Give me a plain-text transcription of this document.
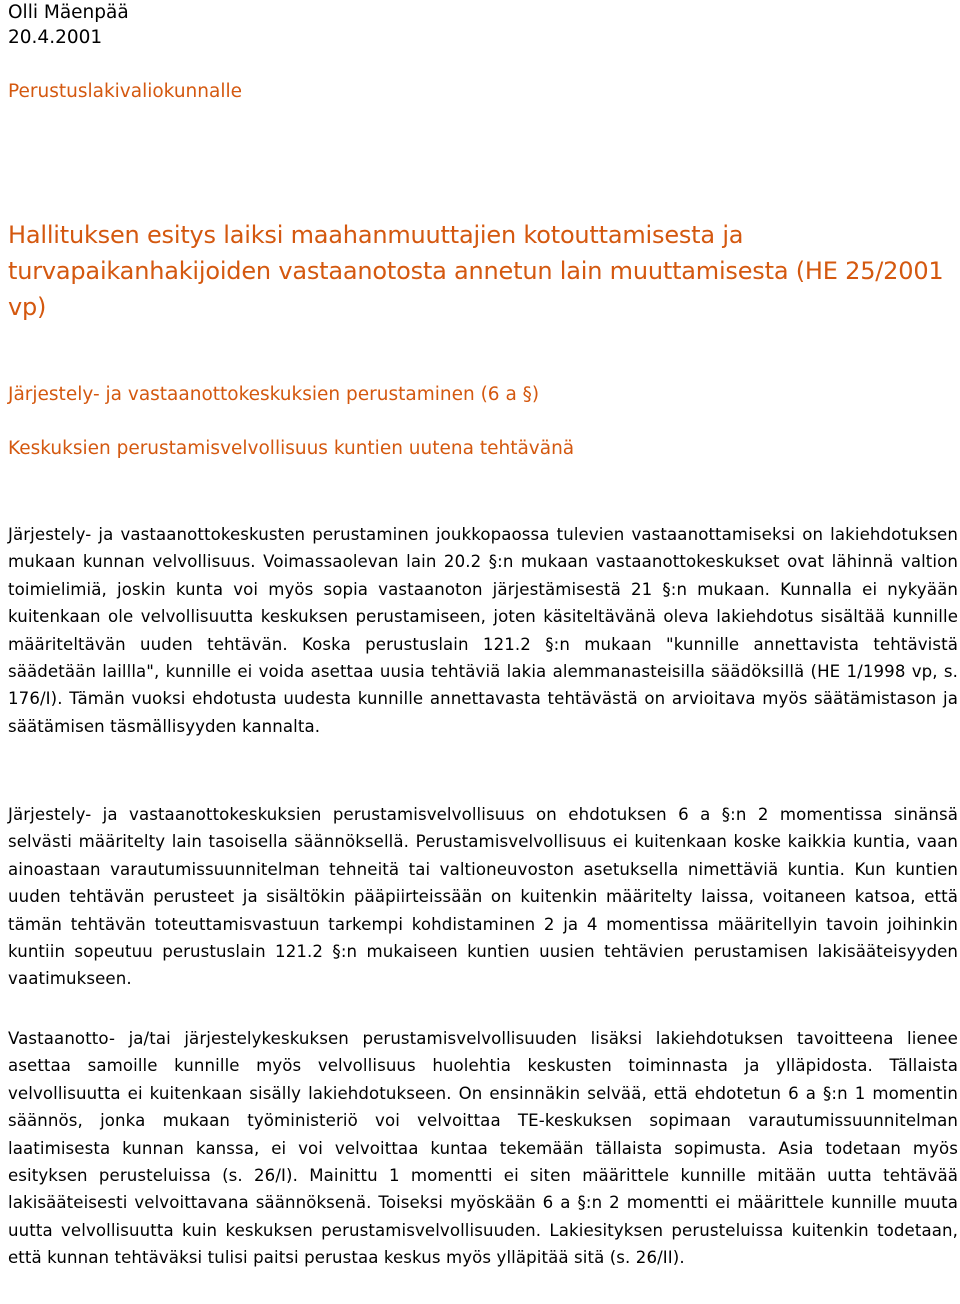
Olli Mäenpää
20.4.2001
Perustuslakivaliokunnalle
Hallituksen esitys laiksi maahanmuuttajien kotouttamisesta ja turvapaikanhakijoiden vastaanotosta annetun lain muuttamisesta (HE 25/2001 vp)
Järjestely- ja vastaanottokeskuksien perustaminen (6 a §)
Keskuksien perustamisvelvollisuus kuntien uutena tehtävänä

Järjestely- ja vastaanottokeskusten perustaminen joukkopaossa tulevien vastaanottamiseksi on lakiehdotuksen mukaan kunnan velvollisuus. Voimassaolevan lain 20.2 §:n mukaan vastaanottokeskukset ovat lähinnä valtion toimielimiä, joskin kunta voi myös sopia vastaanoton järjestämisestä 21 §:n mukaan. Kunnalla ei nykyään kuitenkaan ole velvollisuutta keskuksen perustamiseen, joten käsiteltävänä oleva lakiehdotus sisältää kunnille määriteltävän uuden tehtävän. Koska perustuslain 121.2 §:n mukaan "kunnille annettavista tehtävistä säädetään laillla", kunnille ei voida asettaa uusia tehtäviä lakia alemmanasteisilla säädöksillä (HE 1/1998 vp, s. 176/I). Tämän vuoksi ehdotusta uudesta kunnille annettavasta tehtävästä on arvioitava myös säätämistason ja säätämisen täsmällisyyden kannalta.

Järjestely- ja vastaanottokeskuksien perustamisvelvollisuus on ehdotuksen 6 a §:n 2 momentissa sinänsä selvästi määritelty lain tasoisella säännöksellä. Perustamisvelvollisuus ei kuitenkaan koske kaikkia kuntia, vaan ainoastaan varautumissuunnitelman tehneitä tai valtioneuvoston asetuksella nimettäviä kuntia. Kun kuntien uuden tehtävän perusteet ja sisältökin pääpiirteissään on kuitenkin määritelty laissa, voitaneen katsoa, että tämän tehtävän toteuttamisvastuun tarkempi kohdistaminen 2 ja 4 momentissa määritellyin tavoin joihinkin kuntiin sopeutuu perustuslain 121.2 §:n mukaiseen kuntien uusien tehtävien perustamisen lakisääteisyyden vaatimukseen.

Vastaanotto- ja/tai järjestelykeskuksen perustamisvelvollisuuden lisäksi lakiehdotuksen tavoitteena lienee asettaa samoille kunnille myös velvollisuus huolehtia keskusten toiminnasta ja ylläpidosta. Tällaista velvollisuutta ei kuitenkaan sisälly lakiehdotukseen. On ensinnäkin selvää, että ehdotetun 6 a §:n 1 momentin säännös, jonka mukaan työministeriö voi velvoittaa TE-keskuksen sopimaan varautumissuunnitelman laatimisesta kunnan kanssa, ei voi velvoittaa kuntaa tekemään tällaista sopimusta. Asia todetaan myös esityksen perusteluissa (s. 26/I). Mainittu 1 momentti ei siten määrittele kunnille mitään uutta tehtävää lakisääteisesti velvoittavana säännöksenä. Toiseksi myöskään 6 a §:n 2 momentti ei määrittele kunnille muuta uutta velvollisuutta kuin keskuksen perustamisvelvollisuuden. Lakiesityksen perusteluissa kuitenkin todetaan, että kunnan tehtäväksi tulisi paitsi perustaa keskus myös ylläpitää sitä (s. 26/II).
